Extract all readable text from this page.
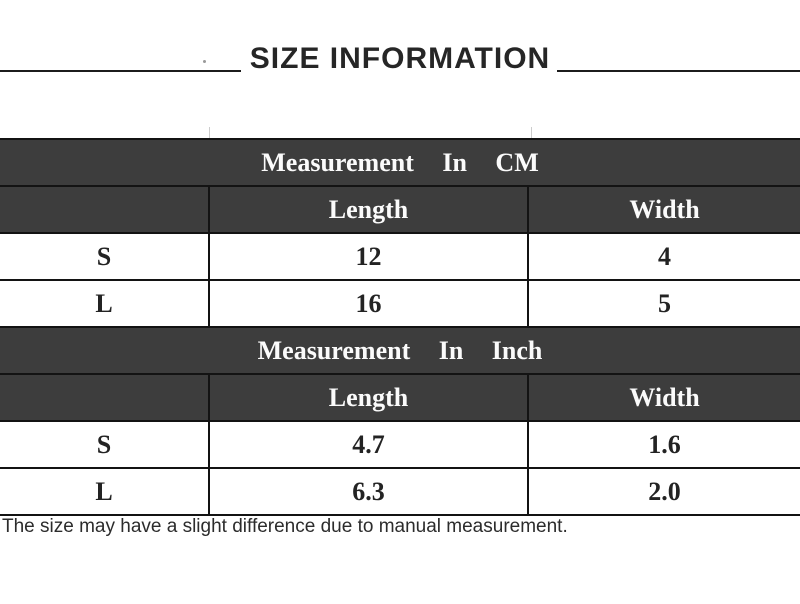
SIZE INFORMATION
Measurement In CM		
	Length	Width
S	12	4
L	16	5
Measurement In Inch		
	Length	Width
S	4.7	1.6
L	6.3	2.0
The size may have a slight difference due to manual measurement.
